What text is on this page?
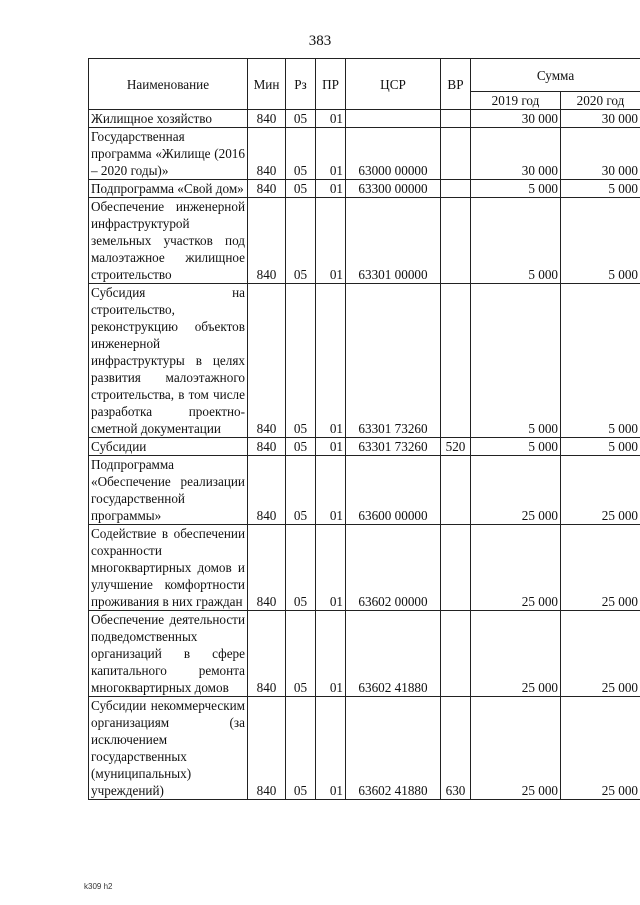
383
Наименование	Мин	Рз	ПР	ЦСР	ВР	Сумма	
						2019 год	2020 год
Жилищное хозяйство	840	05	01			30 000	30 000
Государственная программа «Жилище (2016 – 2020 годы)»	840	05	01	63000 00000		30 000	30 000
Подпрограмма «Свой дом»	840	05	01	63300 00000		5 000	5 000
Обеспечение инженерной инфраструктурой земельных участков под малоэтажное жилищное строительство	840	05	01	63301 00000		5 000	5 000
Субсидия на строительство, реконструкцию объектов инженерной инфраструктуры в целях развития малоэтажного строительства, в том числе разработка проектно-сметной документации	840	05	01	63301 73260		5 000	5 000
Субсидии	840	05	01	63301 73260	520	5 000	5 000
Подпрограмма «Обеспечение реализации государственной программы»	840	05	01	63600 00000		25 000	25 000
Содействие в обеспечении сохранности многоквартирных домов и улучшение комфортности проживания в них граждан	840	05	01	63602 00000		25 000	25 000
Обеспечение деятельности подведомственных организаций в сфере капитального ремонта многоквартирных домов	840	05	01	63602 41880		25 000	25 000
Субсидии некоммерческим организациям (за исключением государственных (муниципальных) учреждений)	840	05	01	63602 41880	630	25 000	25 000
k309 h2
